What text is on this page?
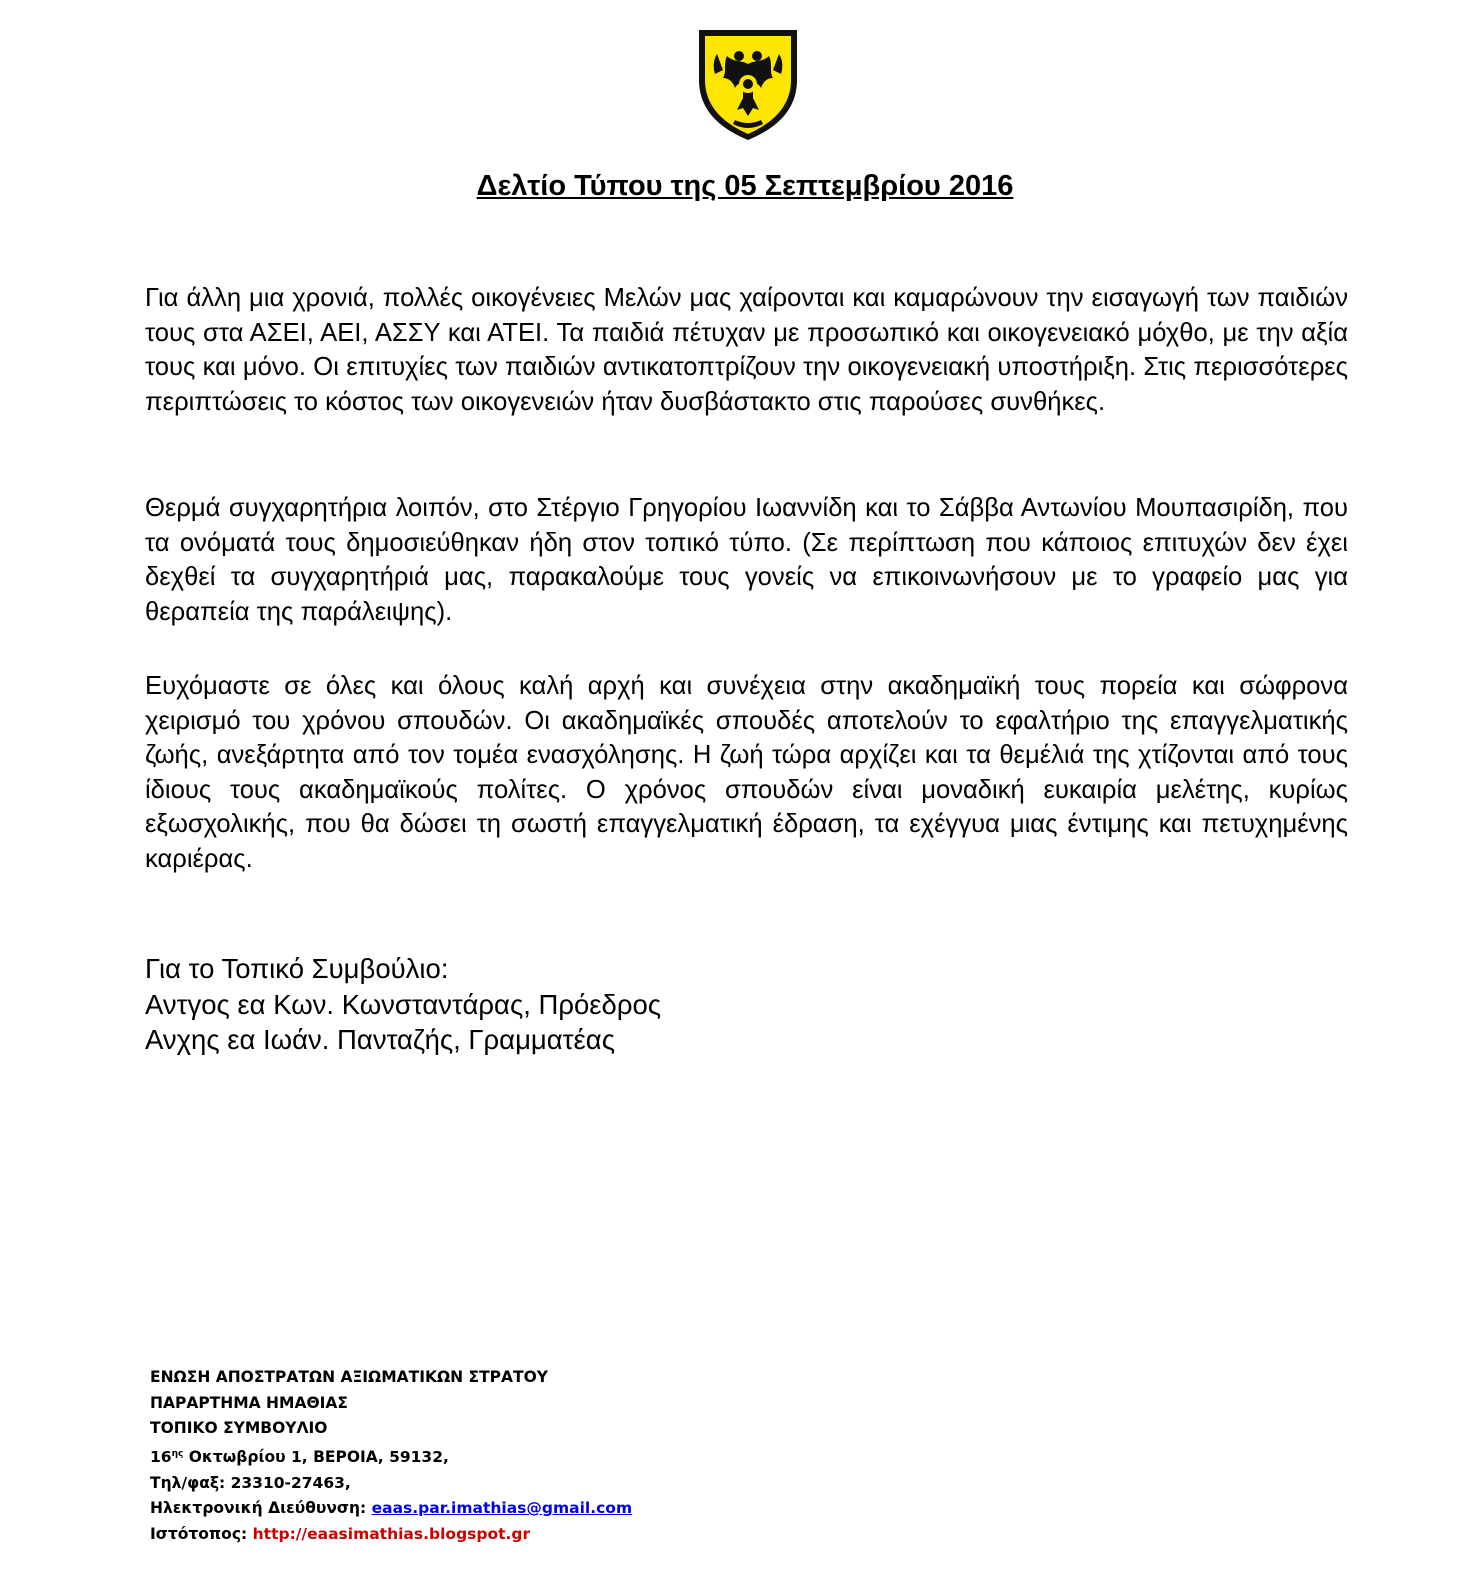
Δελτίο Τύπου της 05 Σεπτεμβρίου 2016

Για άλλη μια χρονιά, πολλές οικογένειες Μελών μας χαίρονται και καμαρώνουν την εισαγωγή των παιδιών τους στα ΑΣΕΙ, ΑΕΙ, ΑΣΣΥ και ΑΤΕΙ. Τα παιδιά πέτυχαν με προσωπικό και οικογενειακό μόχθο, με την αξία τους και μόνο. Οι επιτυχίες των παιδιών αντικατοπτρίζουν την οικογενειακή υποστήριξη. Στις περισσότερες περιπτώσεις το κόστος των οικογενειών ήταν δυσβάστακτο στις παρούσες συνθήκες.

Θερμά συγχαρητήρια λοιπόν, στο Στέργιο Γρηγορίου Ιωαννίδη και το Σάββα Αντωνίου Μουπασιρίδη, που τα ονόματά τους δημοσιεύθηκαν ήδη στον τοπικό τύπο. (Σε περίπτωση που κάποιος επιτυχών δεν έχει δεχθεί τα συγχαρητήριά μας, παρακαλούμε τους γονείς να επικοινωνήσουν με το γραφείο μας για θεραπεία της παράλειψης).

Ευχόμαστε σε όλες και όλους καλή αρχή και συνέχεια στην ακαδημαϊκή τους πορεία και σώφρονα χειρισμό του χρόνου σπουδών. Οι ακαδημαϊκές σπουδές αποτελούν το εφαλτήριο της επαγγελματικής ζωής, ανεξάρτητα από τον τομέα ενασχόλησης. Η ζωή τώρα αρχίζει και τα θεμέλιά της χτίζονται από τους ίδιους τους ακαδημαϊκούς πολίτες. Ο χρόνος σπουδών είναι μοναδική ευκαιρία μελέτης, κυρίως εξωσχολικής, που θα δώσει τη σωστή επαγγελματική έδραση, τα εχέγγυα μιας έντιμης και πετυχημένης καριέρας.

Για το Τοπικό Συμβούλιο:
Αντγος εα Κων. Κωνσταντάρας, Πρόεδρος
Ανχης εα Ιωάν. Πανταζής, Γραμματέας
ΕΝΩΣΗ ΑΠΟΣΤΡΑΤΩΝ ΑΞΙΩΜΑΤΙΚΩΝ ΣΤΡΑΤΟΥ
ΠΑΡΑΡΤΗΜΑ ΗΜΑΘΙΑΣ
ΤΟΠΙΚΟ ΣΥΜΒΟΥΛΙΟ
$16^{\eta\varsigma}$ Οκτωβρίου 1, ΒΕΡΟΙΑ, 59132,
Τηλ/φαξ: 23310-27463,
Ηλεκτρονική Διεύθυνση: eaas.par.imathias@gmail.com
Ιστότοπος: http://eaasimathias.blogspot.gr
